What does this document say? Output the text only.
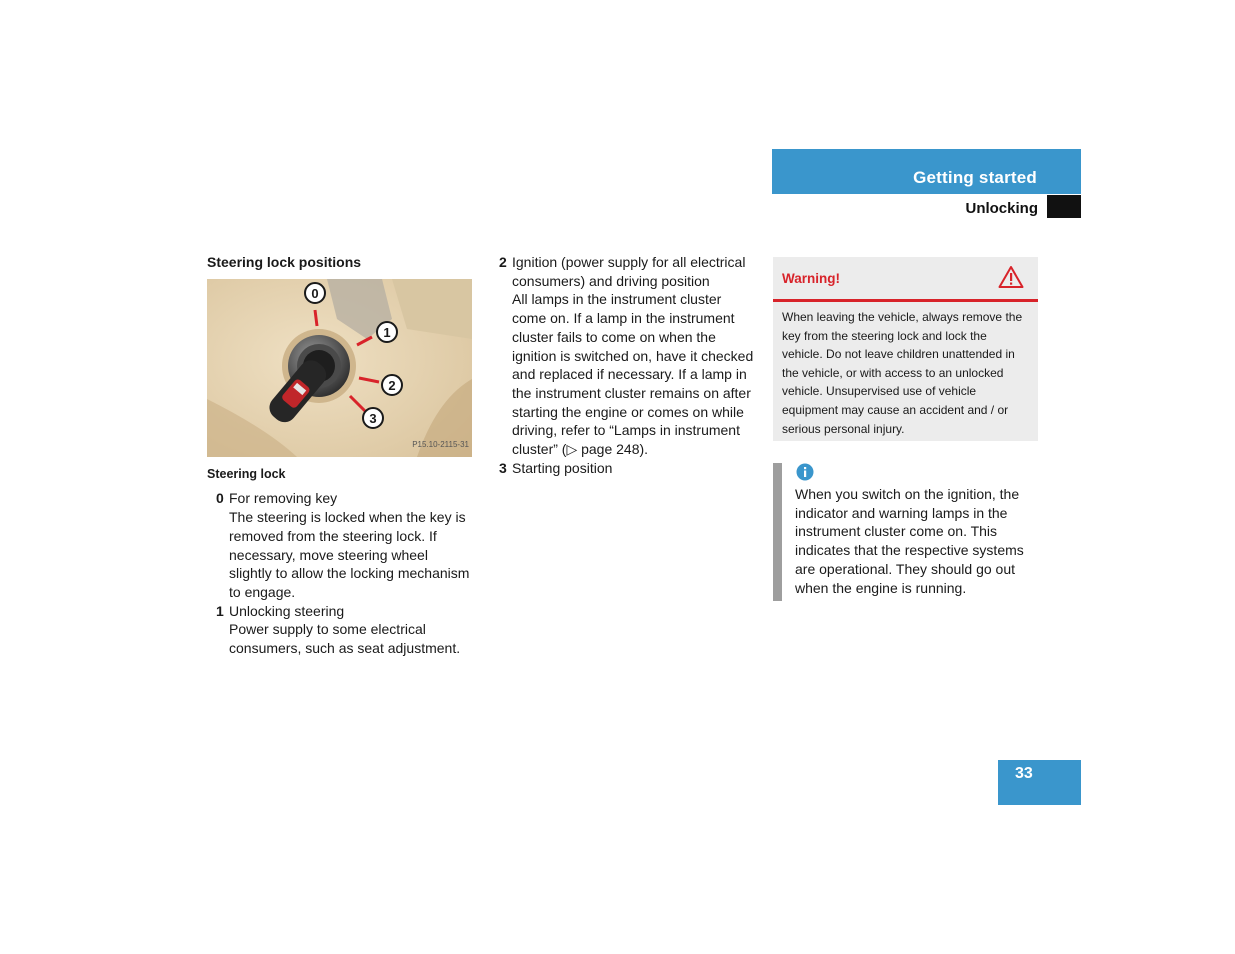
Getting started
Unlocking
Steering lock positions
0
1
2
3
P15.10-2115-31
Steering lock
0 For removing key
The steering is locked when the key is removed from the steering lock. If necessary, move steering wheel slightly to allow the locking mechanism to engage.
1 Unlocking steering
Power supply to some electrical consumers, such as seat adjustment.
2 Ignition (power supply for all electrical consumers) and driving position
All lamps in the instrument cluster come on. If a lamp in the instrument cluster fails to come on when the ignition is switched on, have it checked and replaced if necessary. If a lamp in the instrument cluster remains on after starting the engine or comes on while driving, refer to “Lamps in instrument cluster” (▷ page 248).
3 Starting position
Warning!
When leaving the vehicle, always remove the key from the steering lock and lock the vehicle. Do not leave children unattended in the vehicle, or with access to an unlocked vehicle. Unsupervised use of vehicle equipment may cause an accident and / or serious personal injury.
When you switch on the ignition, the indicator and warning lamps in the instrument cluster come on. This indicates that the respective systems are operational. They should go out when the engine is running.
33
